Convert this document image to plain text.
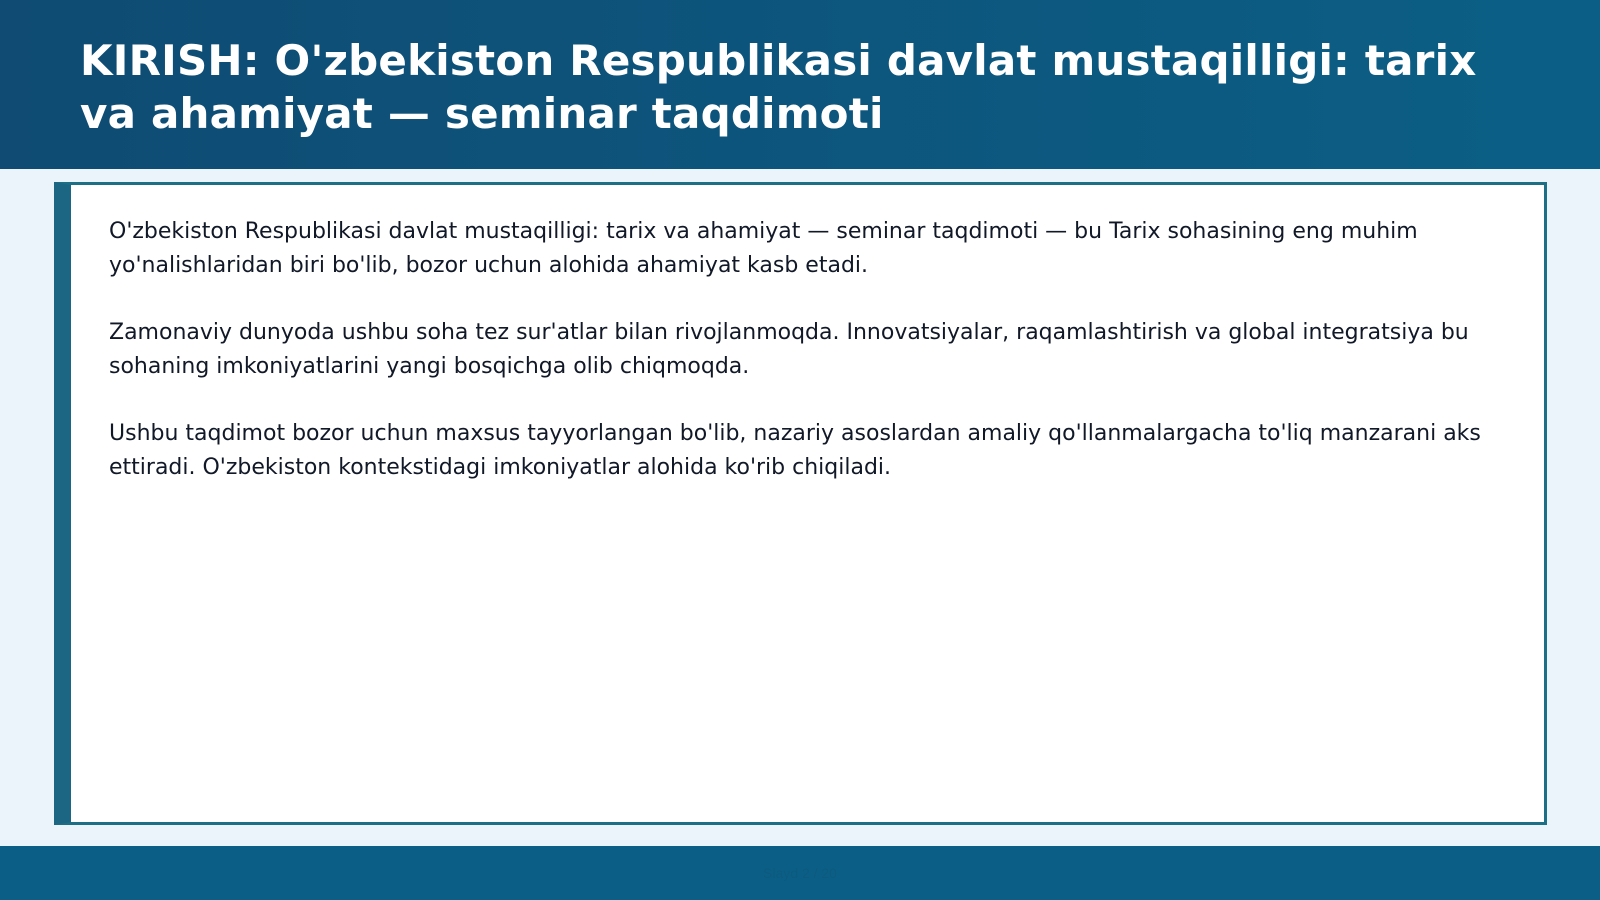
KIRISH: O'zbekiston Respublikasi davlat mustaqilligi: tarix va ahamiyat — seminar taqdimoti

O'zbekiston Respublikasi davlat mustaqilligi: tarix va ahamiyat — seminar taqdimoti — bu Tarix sohasining eng muhim yo'nalishlaridan biri bo'lib, bozor uchun alohida ahamiyat kasb etadi.

Zamonaviy dunyoda ushbu soha tez sur'atlar bilan rivojlanmoqda. Innovatsiyalar, raqamlashtirish va global integratsiya bu sohaning imkoniyatlarini yangi bosqichga olib chiqmoqda.

Ushbu taqdimot bozor uchun maxsus tayyorlangan bo'lib, nazariy asoslardan amaliy qo'llanmalargacha to'liq manzarani aks ettiradi. O'zbekiston kontekstidagi imkoniyatlar alohida ko'rib chiqiladi.

Slayd 2 / 20
